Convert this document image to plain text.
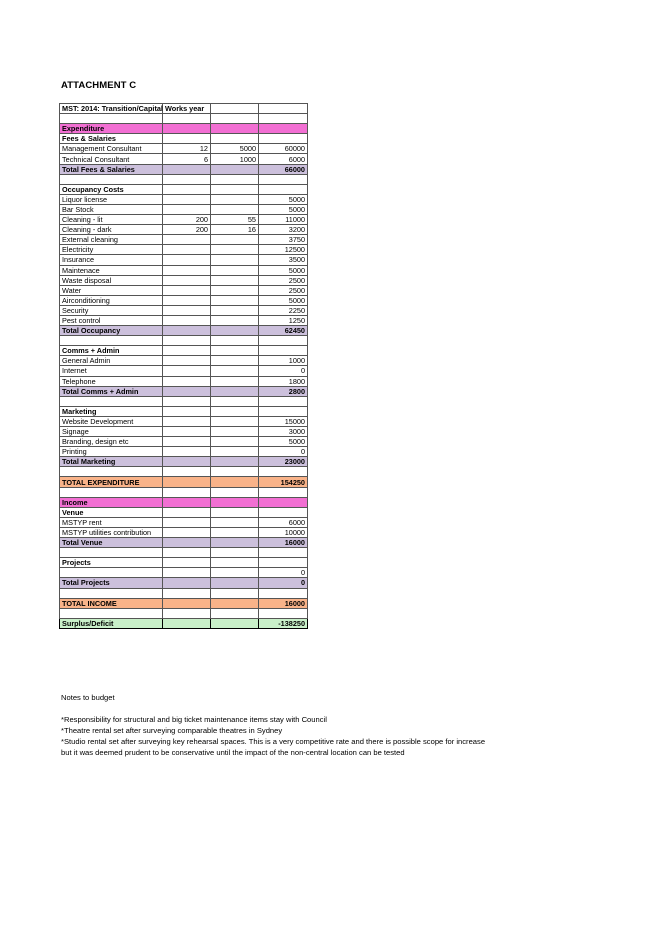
ATTACHMENT C
MST: 2014: Transition/Capital Works year			

Expenditure			
Fees & Salaries			
Management Consultant	12	5000	60000
Technical Consultant	6	1000	6000
Total Fees & Salaries			66000

Occupancy Costs			
Liquor license			5000
Bar Stock			5000
Cleaning - lit	200	55	11000
Cleaning - dark	200	16	3200
External cleaning			3750
Electricity			12500
Insurance			3500
Maintenace			5000
Waste disposal			2500
Water			2500
Airconditioning			5000
Security			2250
Pest control			1250
Total Occupancy			62450

Comms + Admin			
General Admin			1000
Internet			0
Telephone			1800
Total Comms + Admin			2800

Marketing			
Website Development			15000
Signage			3000
Branding, design etc			5000
Printing			0
Total Marketing			23000

TOTAL EXPENDITURE			154250

Income			
Venue			
MSTYP rent			6000
MSTYP utilities contribution			10000
Total Venue			16000

Projects			
			0
Total Projects			0

TOTAL INCOME			16000

Surplus/Deficit			-138250
Notes to budget
*Responsibility for structural and big ticket maintenance items stay with Council
*Theatre rental set after surveying comparable theatres in Sydney
*Studio rental set after surveying key rehearsal spaces. This is a very competitive rate and there is possible scope for increase
but it was deemed prudent to be conservative until the impact of the non-central location can be tested
